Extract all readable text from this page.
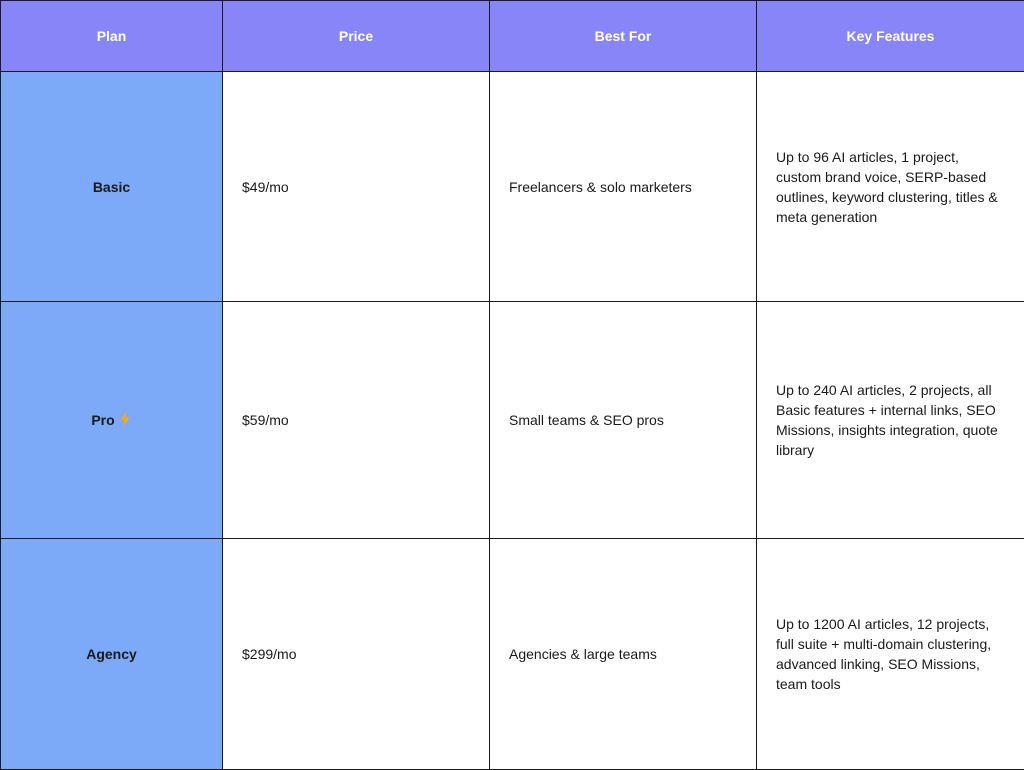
Plan	Price	Best For	Key Features
Basic	$49/mo	Freelancers & solo marketers	Up to 96 AI articles, 1 project, custom brand voice, SERP-based outlines, keyword clustering, titles & meta generation
Pro	$59/mo	Small teams & SEO pros	Up to 240 AI articles, 2 projects, all Basic features + internal links, SEO Missions, insights integration, quote library
Agency	$299/mo	Agencies & large teams	Up to 1200 AI articles, 12 projects, full suite + multi-domain clustering, advanced linking, SEO Missions, team tools
